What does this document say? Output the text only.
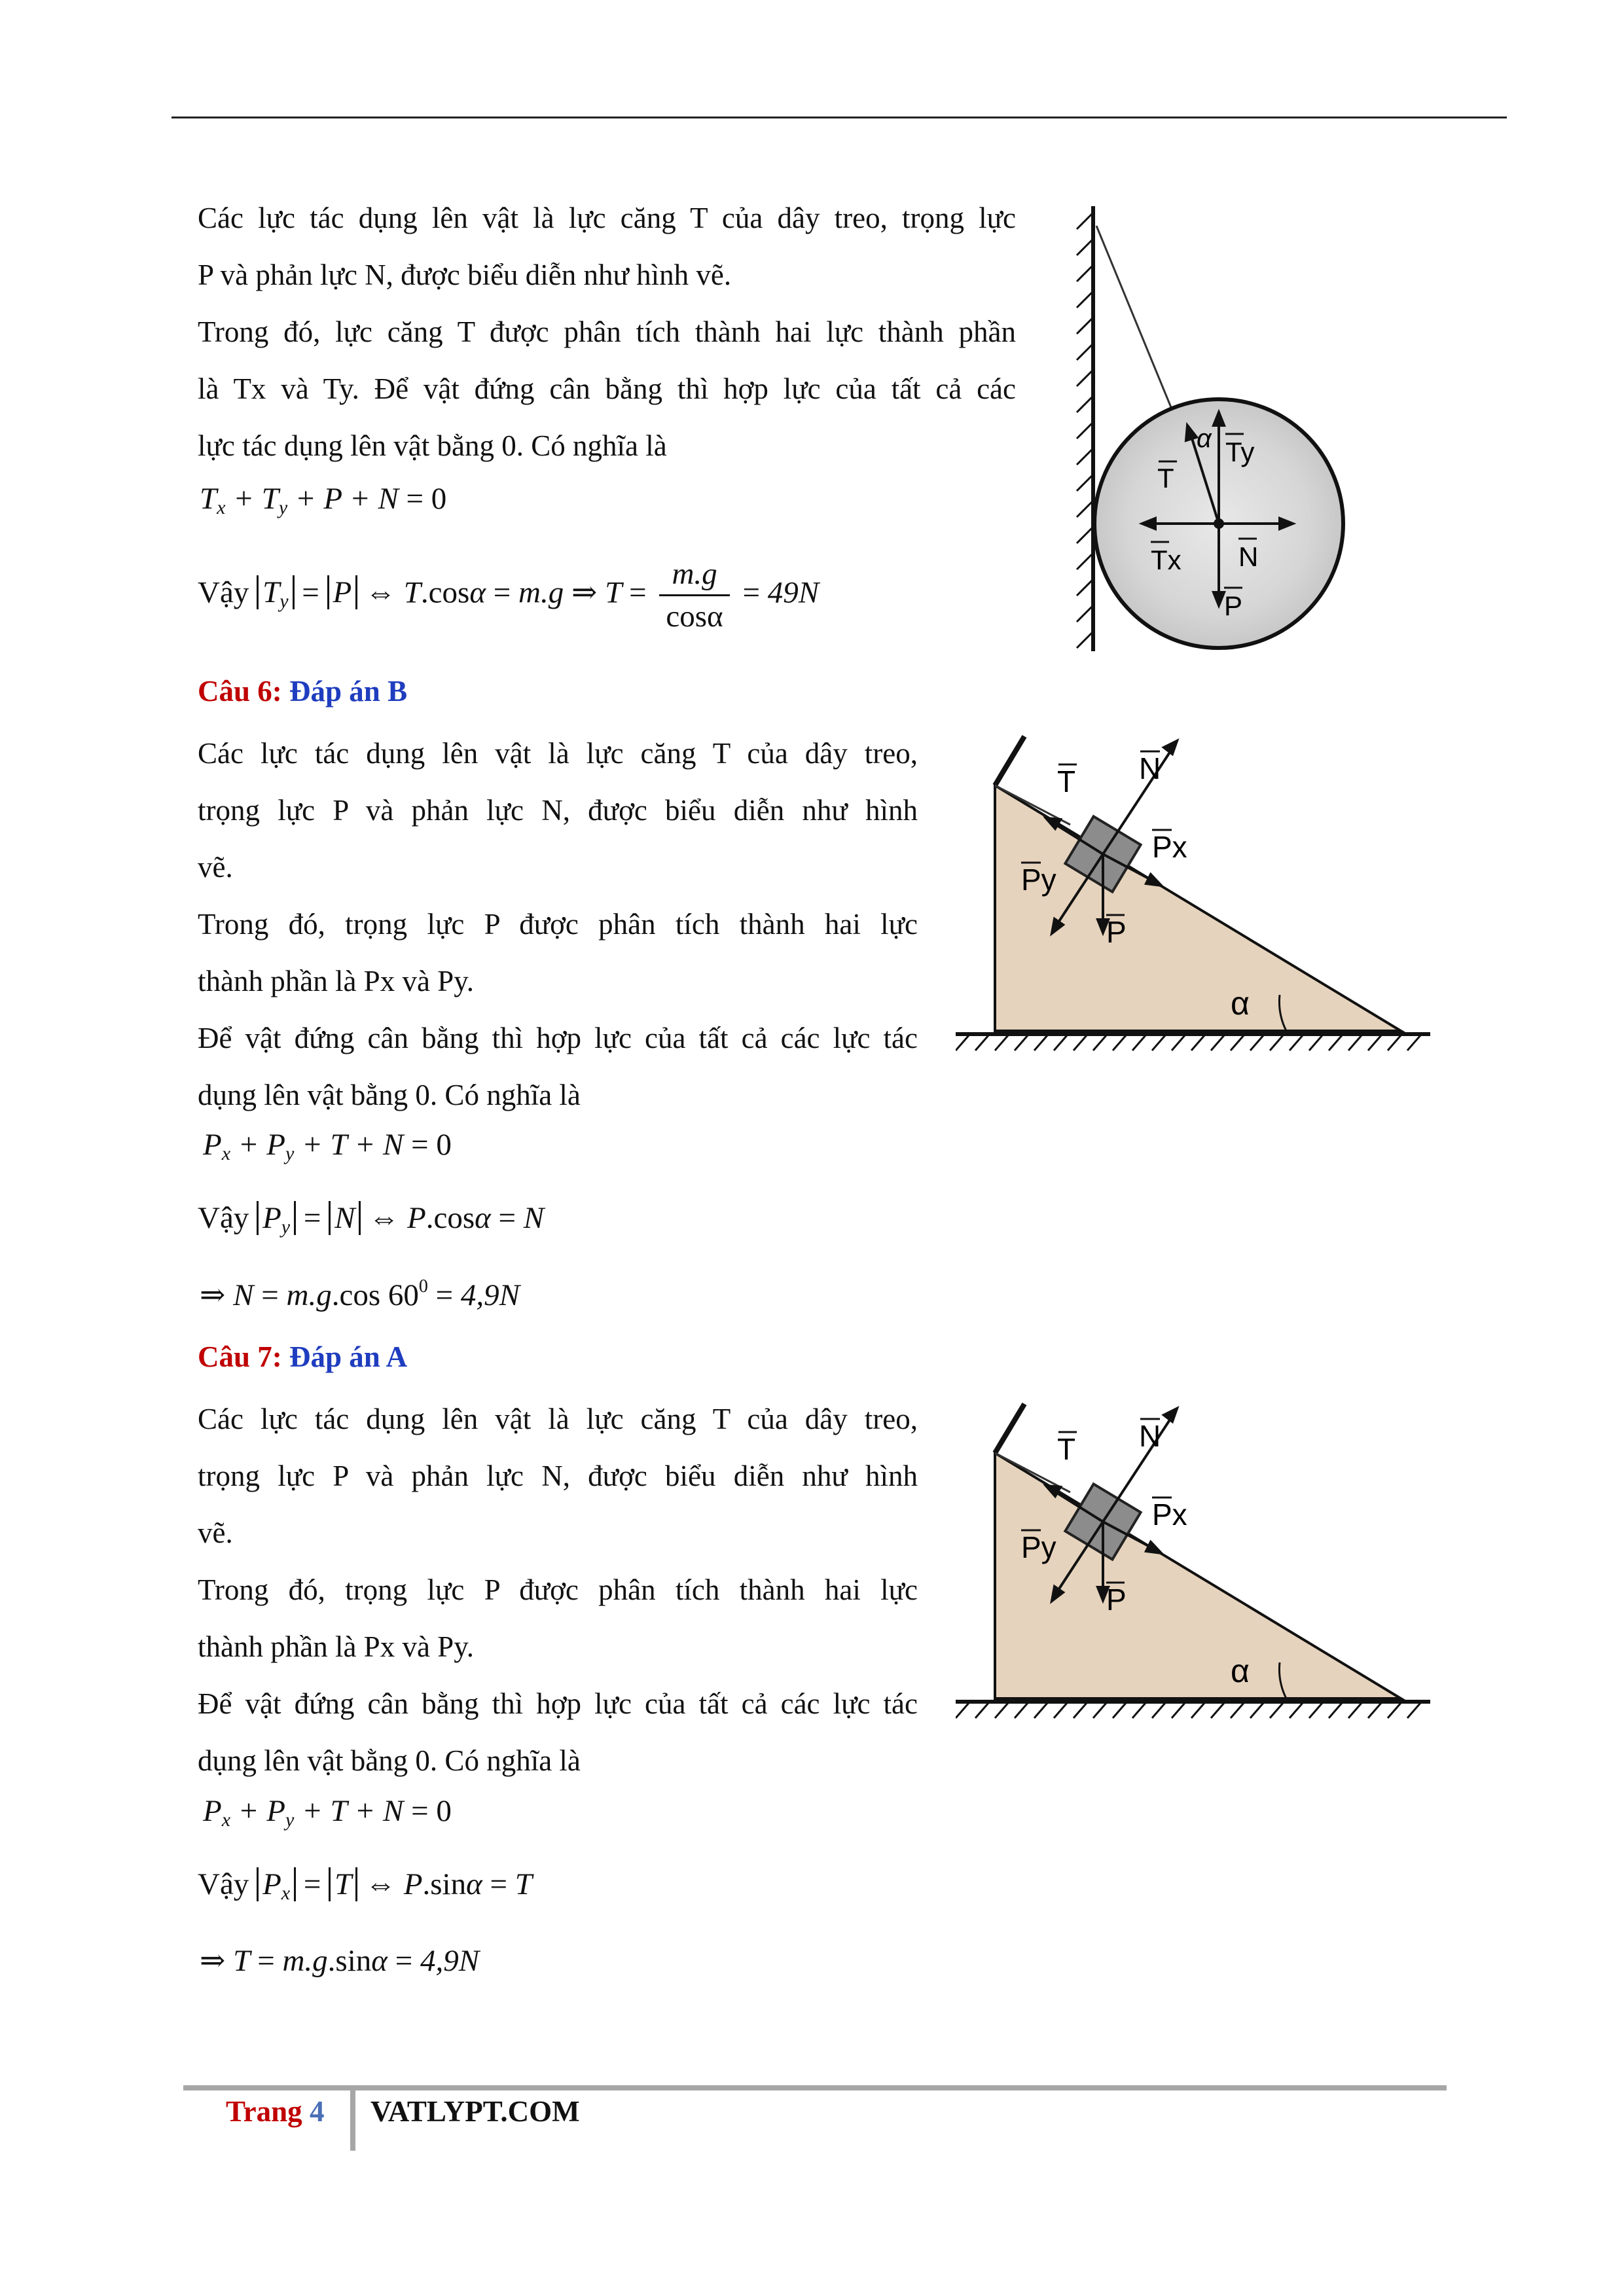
Các lực tác dụng lên vật là lực căng T của dây treo, trọng lực
P và phản lực N, được biểu diễn như hình vẽ.
Trong đó, lực căng T được phân tích thành hai lực thành phần
là Tx và Ty. Để vật đứng cân bằng thì hợp lực của tất cả các
lực tác dụng lên vật bằng 0. Có nghĩa là
$T_x + T_y + P + N = 0$
Vậy $T_y = P$ ⇔ T.cosα = m.g ⇒ $T = \frac{m.g}{\cos\alpha} = 49N$
α
T
Ty
Tx N
P
Câu 6: Đáp án B
Các lực tác dụng lên vật là lực căng T của dây treo,
trọng lực P và phản lực N, được biểu diễn như hình
vẽ.
Trong đó, trọng lực P được phân tích thành hai lực
thành phần là Px và Py.
Để vật đứng cân bằng thì hợp lực của tất cả các lực tác
dụng lên vật bằng 0. Có nghĩa là
$P_x + P_y + T + N = 0$
Vậy $P_y = N$ ⇔ P.cosα = N
⇒ N = m.g.cos $60^0 = 4,9N$
T N
Px
Py
P
α
Câu 7: Đáp án A
Các lực tác dụng lên vật là lực căng T của dây treo,
trọng lực P và phản lực N, được biểu diễn như hình
vẽ.
Trong đó, trọng lực P được phân tích thành hai lực
thành phần là Px và Py.
Để vật đứng cân bằng thì hợp lực của tất cả các lực tác
dụng lên vật bằng 0. Có nghĩa là
$P_x + P_y + T + N = 0$
Vậy $P_x = T$ ⇔ P.sinα = T
⇒ T = m.g.sinα = 4,9N
T N
Px
Py
P
α
Trang 4 VATLYPT.COM
